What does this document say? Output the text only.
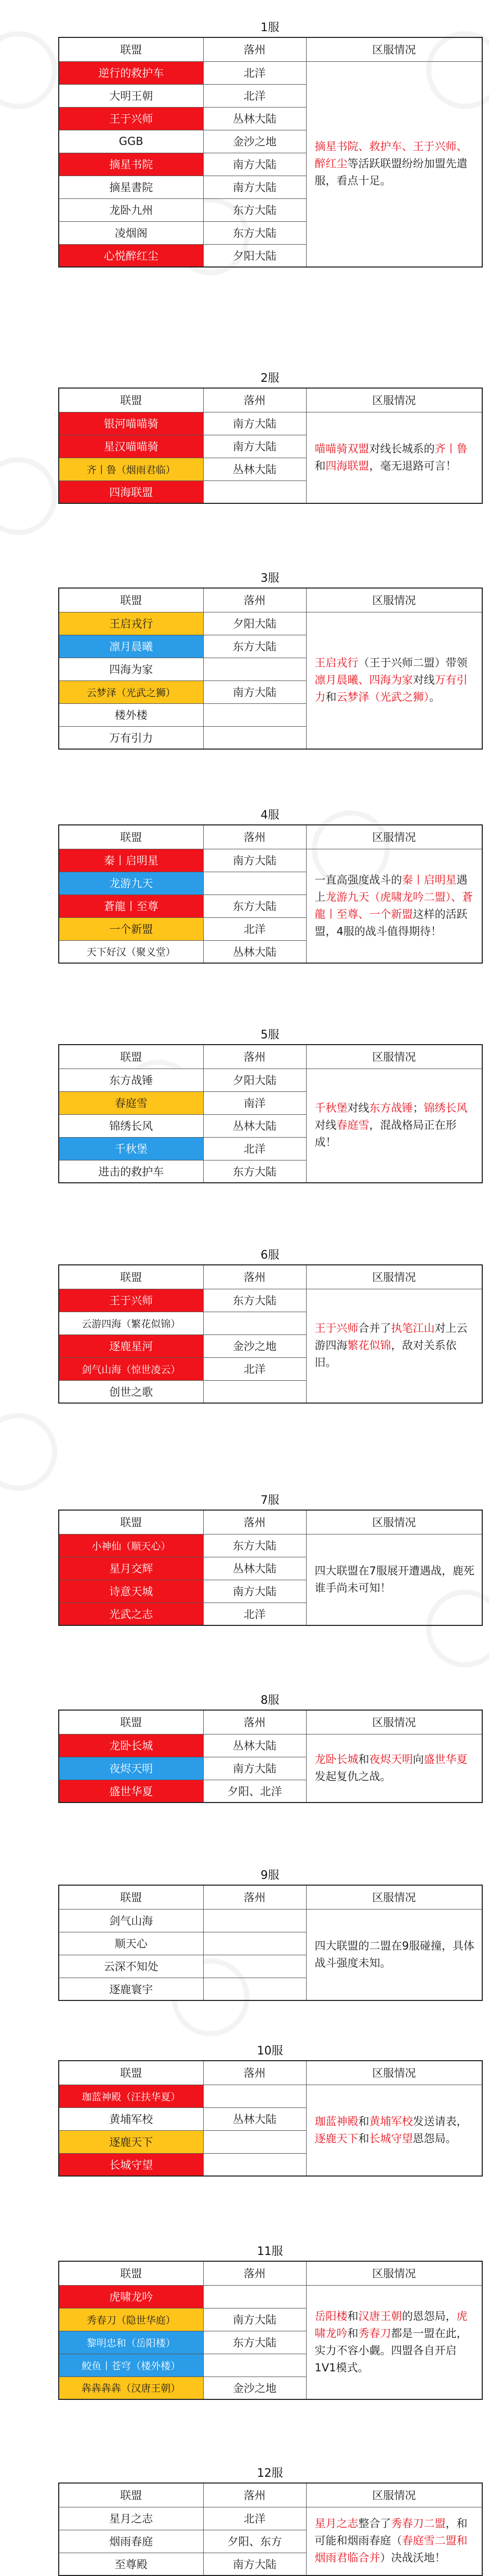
1服
联盟	落州	区服情况
逆行的救护车	北洋	摘星书院、救护车、王于兴师、醉红尘等活跃联盟纷纷加盟先遣服，看点十足。
大明王朝	北洋	
王于兴师	丛林大陆	
GGB	金沙之地	
摘星书院	南方大陆	
摘星書院	南方大陆	
龙卧九州	东方大陆	
凌烟阁	东方大陆	
心悦醉红尘	夕阳大陆	
2服
联盟	落州	区服情况
银河喵喵骑	南方大陆	喵喵骑双盟对线长城系的齐丨鲁和四海联盟，毫无退路可言！
星汉喵喵骑	南方大陆	
齐丨鲁（烟雨君临）	丛林大陆	
四海联盟		
3服
联盟	落州	区服情况
王启戎行	夕阳大陆	王启戎行（王于兴师二盟）带领凛月晨曦、四海为家对线万有引力和云梦泽（光武之狮）。
凛月晨曦	东方大陆	
四海为家		
云梦泽（光武之狮）	南方大陆	
楼外楼		
万有引力		
4服
联盟	落州	区服情况
秦丨启明星	南方大陆	一直高强度战斗的秦丨启明星遇上龙游九天（虎啸龙吟二盟）、蒼龍丨至尊、一个新盟这样的活跃盟，4服的战斗值得期待！
龙游九天		
蒼龍丨至尊	东方大陆	
一个新盟	北洋	
天下好汉（聚义堂）	丛林大陆	
5服
联盟	落州	区服情况
东方战锤	夕阳大陆	千秋堡对线东方战锤；锦绣长风对线春庭雪，混战格局正在形成！
春庭雪	南洋	
锦绣长风	丛林大陆	
千秋堡	北洋	
进击的救护车	东方大陆	
6服
联盟	落州	区服情况
王于兴师	东方大陆	王于兴师合并了执笔江山对上云游四海繁花似锦，敌对关系依旧。
云游四海（繁花似锦）		
逐鹿星河	金沙之地	
剑气山海（惊世凌云）	北洋	
创世之歌		
7服
联盟	落州	区服情况
小神仙（顺天心）	东方大陆	四大联盟在7服展开遭遇战，鹿死谁手尚未可知！
星月交辉	丛林大陆	
诗意天城	南方大陆	
光武之志	北洋	
8服
联盟	落州	区服情况
龙卧长城	丛林大陆	龙卧长城和夜烬天明向盛世华夏发起复仇之战。
夜烬天明	南方大陆	
盛世华夏	夕阳、北洋	
9服
联盟	落州	区服情况
剑气山海		四大联盟的二盟在9服碰撞，具体战斗强度未知。
顺天心		
云深不知处		
逐鹿寰宇		
10服
联盟	落州	区服情况
珈蓝神殿（汪扶华夏）		珈蓝神殿和黄埔军校发送请表，逐鹿天下和长城守望恩怨局。
黄埔军校	丛林大陆	
逐鹿天下		
长城守望		
11服
联盟	落州	区服情况
虎啸龙吟		岳阳楼和汉唐王朝的恩怨局，虎啸龙吟和秀春刀都是一盟在此，实力不容小觑。四盟各自开启1V1模式。
秀春刀（隐世华庭）	南方大陆	
黎明忠和（岳阳楼）	东方大陆	
鲛鱼丨苍穹（楼外楼）		
犇犇犇犇（汉唐王朝）	金沙之地	
12服
联盟	落州	区服情况
星月之志	北洋	星月之志整合了秀春刀二盟，和可能和烟雨春庭（春庭雪二盟和烟雨君临合并）决战沃地！
烟雨春庭	夕阳、东方	
至尊殿	南方大陆	
